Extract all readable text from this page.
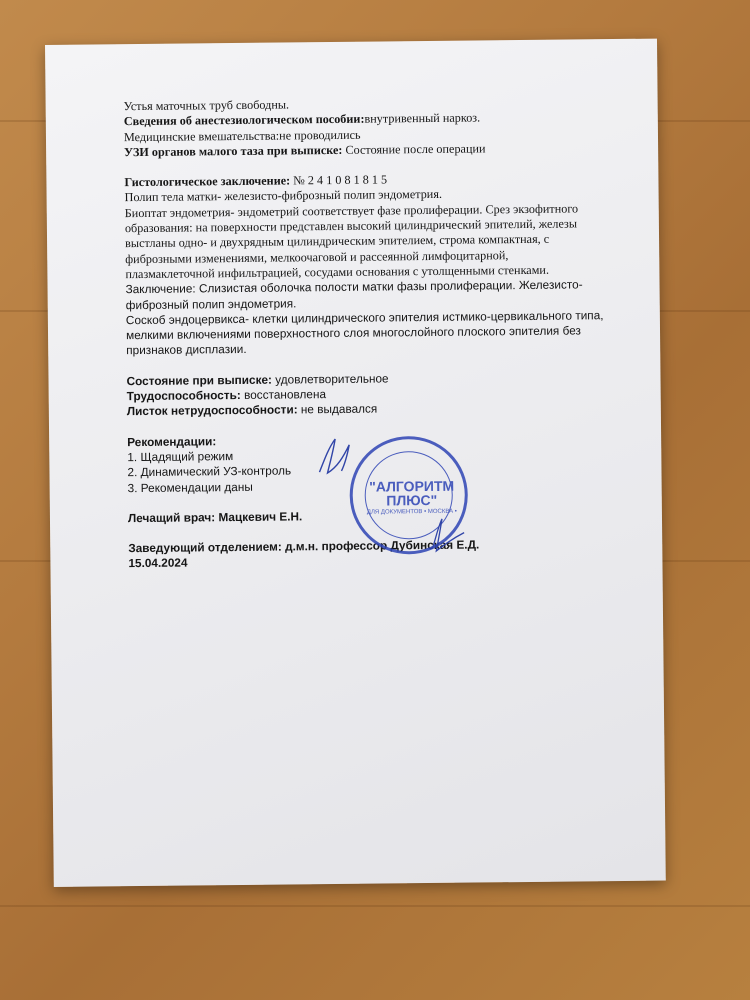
Устья маточных труб свободны.
Сведения об анестезиологическом пособии:внутривенный наркоз.
Медицинские вмешательства:не проводились
УЗИ органов малого таза при выписке: Состояние после операции
Гистологическое заключение: № 2 4 1 0 8 1 8 1 5
Полип тела матки- железисто-фиброзный полип эндометрия.
Биоптат эндометрия- эндометрий соответствует фазе пролиферации. Срез экзофитного
образования: на поверхности представлен высокий цилиндрический эпителий, железы
выстланы одно- и двухрядным цилиндрическим эпителием, строма компактная, с
фиброзными изменениями, мелкоочаговой и рассеянной лимфоцитарной,
плазмаклеточной инфильтрацией, сосудами основания с утолщенными стенками.
Заключение: Слизистая оболочка полости матки фазы пролиферации. Железисто-
фиброзный полип эндометрия.
Соскоб эндоцервикса- клетки цилиндрического эпителия истмико-цервикального типа,
мелкими включениями поверхностного слоя многослойного плоского эпителия без
признаков дисплазии.
Состояние при выписке: удовлетворительное
Трудоспособность: восстановлена
Листок нетрудоспособности: не выдавался
Рекомендации:
1. Щадящий режим
2. Динамический УЗ-контроль
3. Рекомендации даны
Лечащий врач: Мацкевич Е.Н.
Заведующий отделением: д.м.н. профессор Дубинская Е.Д.
15.04.2024
"АЛГОРИТМ
ПЛЮС"
ДЛЯ ДОКУМЕНТОВ • МОСКВА •
